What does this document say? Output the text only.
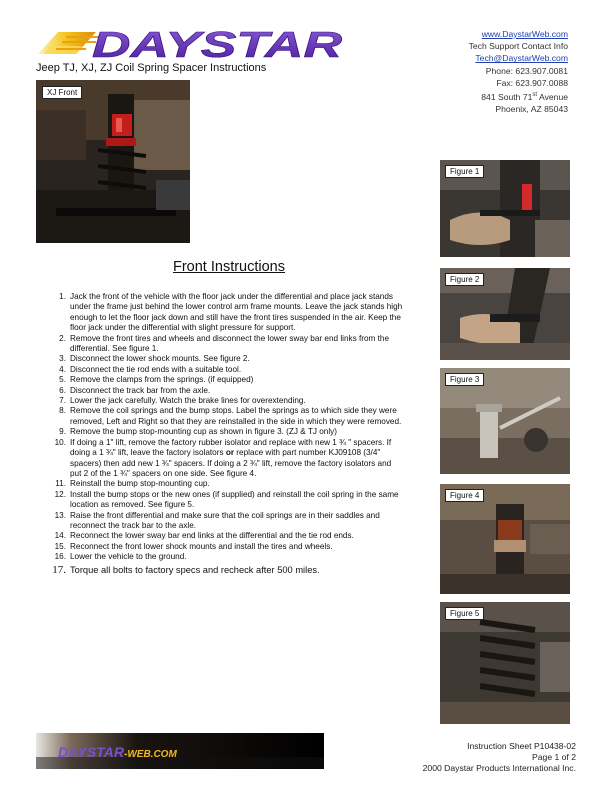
DAYSTAR
Jeep TJ, XJ, ZJ Coil Spring Spacer Instructions
www.DaystarWeb.com
Tech Support Contact Info
Tech@DaystarWeb.com
Phone: 623.907.0081
Fax: 623.907.0088
841 South 71st Avenue
Phoenix, AZ 85043
XJ Front
Figure 1
Figure 2
Figure 3
Figure 4
Figure 5
Front Instructions
1. Jack the front of the vehicle with the floor jack under the differential and place jack stands under the frame just behind the lower control arm frame mounts. Leave the jack stands high enough to let the floor jack down and still have the front tires suspended in the air. Keep the floor jack under the differential with slight pressure for support.
2. Remove the front tires and wheels and disconnect the lower sway bar end links from the differential. See figure 1.
3. Disconnect the lower shock mounts. See figure 2.
4. Disconnect the tie rod ends with a suitable tool.
5. Remove the clamps from the springs. (if equipped)
6. Disconnect the track bar from the axle.
7. Lower the jack carefully. Watch the brake lines for overextending.
8. Remove the coil springs and the bump stops. Label the springs as to which side they were removed, Left and Right so that they are reinstalled in the side in which they were removed.
9. Remove the bump stop-mounting cup as shown in figure 3. (ZJ & TJ only)
10. If doing a 1" lift, remove the factory rubber isolator and replace with new 1 ¾ " spacers. If doing a 1 ¾" lift, leave the factory isolators or replace with part number KJ09108 (3/4" spacers) then add new 1 ¾" spacers. If doing a 2 ¾" lift, remove the factory isolators and put 2 of the 1 ¾" spacers on one side. See figure 4.
11. Reinstall the bump stop-mounting cup.
12. Install the bump stops or the new ones (if supplied) and reinstall the coil spring in the same location as removed. See figure 5.
13. Raise the front differential and make sure that the coil springs are in their saddles and reconnect the track bar to the axle.
14. Reconnect the lower sway bar end links at the differential and the tie rod ends.
15. Reconnect the front lower shock mounts and install the tires and wheels.
16. Lower the vehicle to the ground.
17. Torque all bolts to factory specs and recheck after 500 miles.
DAYSTAR -WEB.COM
Instruction Sheet P10438-02
Page 1 of 2
2000 Daystar Products International Inc.
